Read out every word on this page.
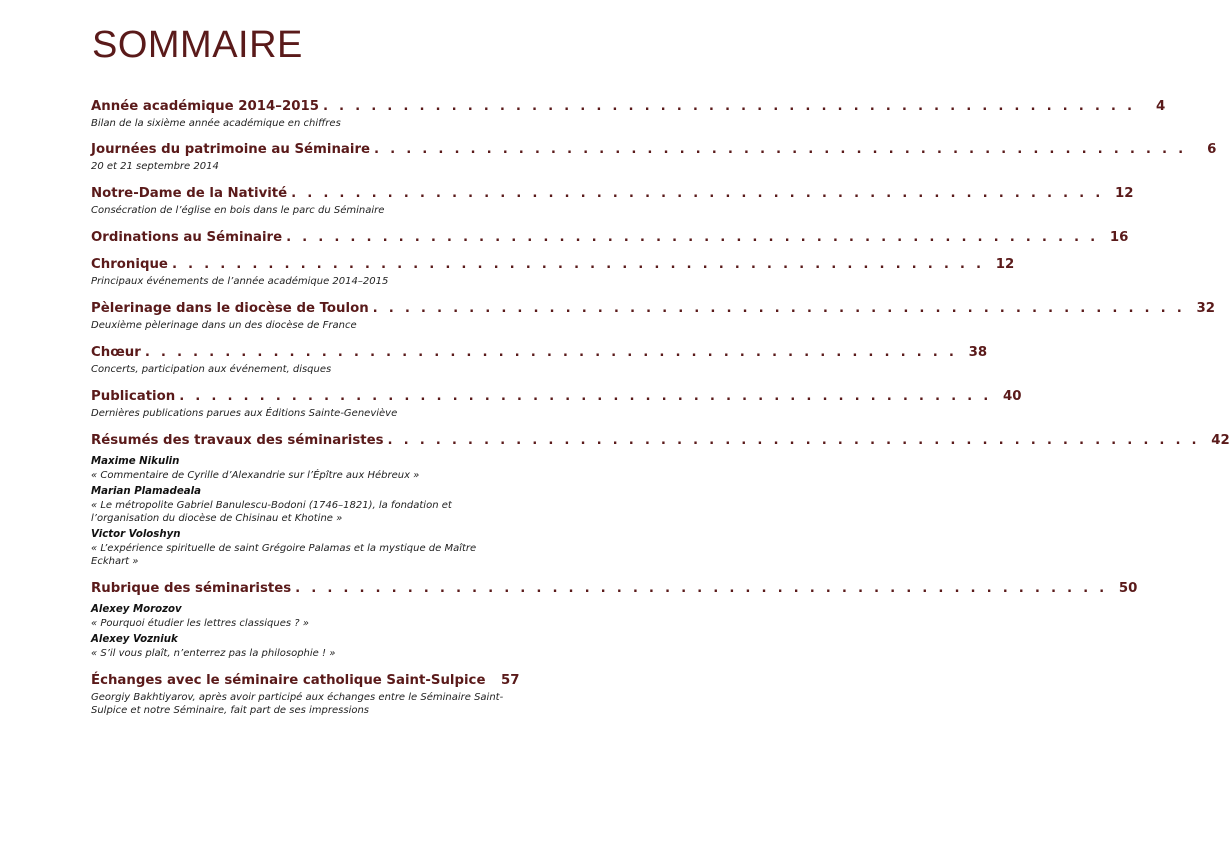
SOMMAIRE
Année académique 2014–2015 . . . . . . . . . . . . . . . . . . . . . . . . . . . . . . . . . . . . . . . . . . . . . . . . . . .	4
Bilan de la sixième année académique en chiffres
Journées du patrimoine au Séminaire . . . . . . . . . . . . . . . . . . . . . . . . . . . . . . . . . . . . . . . . . . . . . . . . . . .	6
20 et 21 septembre 2014
Notre-Dame de la Nativité . . . . . . . . . . . . . . . . . . . . . . . . . . . . . . . . . . . . . . . . . . . . . . . . . . . 12
Consécration de l’église en bois dans le parc du Séminaire
Ordinations au Séminaire . . . . . . . . . . . . . . . . . . . . . . . . . . . . . . . . . . . . . . . . . . . . . . . . . . . 16
Chronique . . . . . . . . . . . . . . . . . . . . . . . . . . . . . . . . . . . . . . . . . . . . . . . . . . . 12
Principaux événements de l’année académique 2014–2015
Pèlerinage dans le diocèse de Toulon . . . . . . . . . . . . . . . . . . . . . . . . . . . . . . . . . . . . . . . . . . . . . . . . . . . 32
Deuxième pèlerinage dans un des diocèse de France
Chœur . . . . . . . . . . . . . . . . . . . . . . . . . . . . . . . . . . . . . . . . . . . . . . . . . . . 38
Concerts, participation aux événement, disques
Publication . . . . . . . . . . . . . . . . . . . . . . . . . . . . . . . . . . . . . . . . . . . . . . . . . . . 40
Dernières publications parues aux Éditions Sainte-Geneviève
Résumés des travaux des séminaristes . . . . . . . . . . . . . . . . . . . . . . . . . . . . . . . . . . . . . . . . . . . . . . . . . . . 42
Maxime Nikulin
« Commentaire de Cyrille d’Alexandrie sur l’Épître aux Hébreux »
Marian Plamadeala
« Le métropolite Gabriel Banulescu-Bodoni (1746–1821), la fondation et l’organisation du diocèse de Chisinau et Khotine »
Victor Voloshyn
« L’expérience spirituelle de saint Grégoire Palamas et la mystique de Maître Eckhart »
Rubrique des séminaristes . . . . . . . . . . . . . . . . . . . . . . . . . . . . . . . . . . . . . . . . . . . . . . . . . . . 50
Alexey Morozov
« Pourquoi étudier les lettres classiques ? »
Alexey Vozniuk
« S’il vous plaît, n’enterrez pas la philosophie ! »
Échanges avec le séminaire catholique Saint-Sulpice	57
Georgiy Bakhtiyarov, après avoir participé aux échanges entre le Séminaire Saint-Sulpice et notre Séminaire, fait part de ses impressions
